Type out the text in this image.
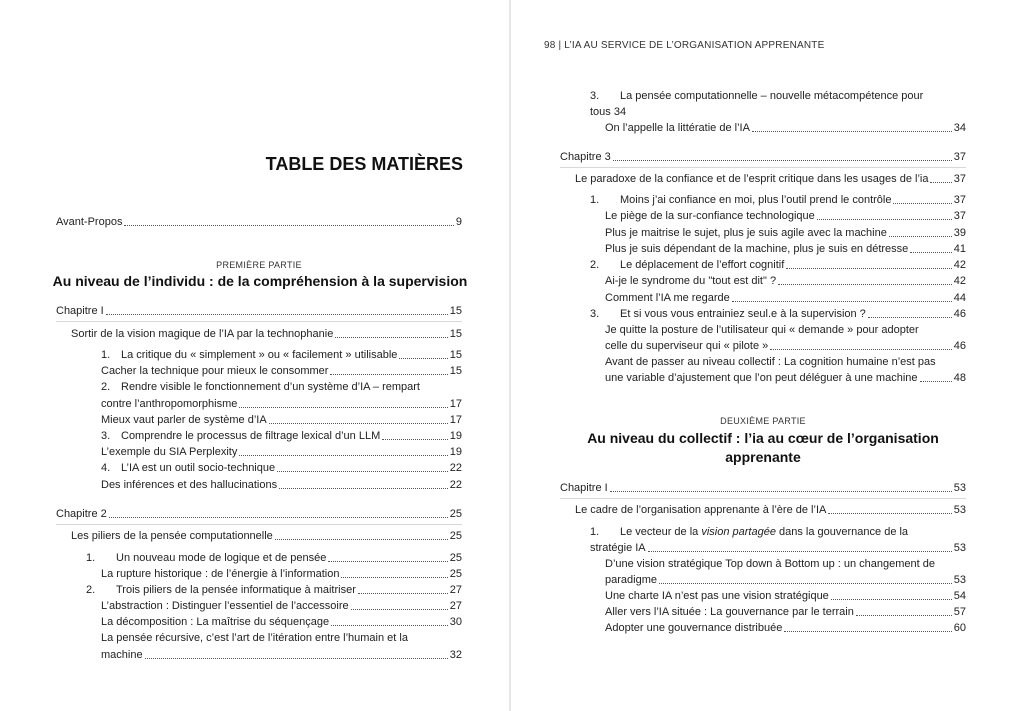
TABLE DES MATIÈRES
Avant-Propos	9
PREMIÈRE PARTIE
Au niveau de l’individu : de la compréhension à la supervision
Chapitre I	15
Sortir de la vision magique de l’IA par la technophanie	15
1. La critique du « simplement » ou « facilement » utilisable	15
Cacher la technique pour mieux le consommer	15
2. Rendre visible le fonctionnement d’un système d’IA – rempart
contre l’anthropomorphisme	17
Mieux vaut parler de système d’IA	17
3. Comprendre le processus de filtrage lexical d’un LLM	19
L’exemple du SIA Perplexity	19
4. L’IA est un outil socio-technique	22
Des inférences et des hallucinations	22
Chapitre 2	25
Les piliers de la pensée computationnelle	25
1. Un nouveau mode de logique et de pensée	25
La rupture historique : de l’énergie à l’information	25
2. Trois piliers de la pensée informatique à maitriser	27
L’abstraction : Distinguer l’essentiel de l’accessoire	27
La décomposition : La maîtrise du séquençage	30
La pensée récursive, c’est l’art de l’itération entre l’humain et la
machine	32
98 | L’IA AU SERVICE DE L’ORGANISATION APPRENANTE
3. La pensée computationnelle – nouvelle métacompétence pour
tous 34
On l’appelle la littératie de l’IA	34
Chapitre 3	37
Le paradoxe de la confiance et de l’esprit critique dans les usages de l’ia 37
1. Moins j’ai confiance en moi, plus l’outil prend le contrôle	37
Le piège de la sur-confiance technologique	37
Plus je maitrise le sujet, plus je suis agile avec la machine	39
Plus je suis dépendant de la machine, plus je suis en détresse	41
2. Le déplacement de l’effort cognitif	42
Ai-je le syndrome du "tout est dit" ?	42
Comment l’IA me regarde	44
3. Et si vous vous entrainiez seul.e à la supervision ?	46
Je quitte la posture de l’utilisateur qui « demande » pour adopter
celle du superviseur qui « pilote »	46
Avant de passer au niveau collectif : La cognition humaine n’est pas
une variable d’ajustement que l’on peut déléguer à une machine	48
DEUXIÈME PARTIE
Au niveau du collectif : l’ia au cœur de l’organisation
apprenante
Chapitre I	53
Le cadre de l’organisation apprenante à l’ère de l’IA	53
1. Le vecteur de la vision partagée dans la gouvernance de la
stratégie IA	53
D’une vision stratégique Top down à Bottom up : un changement de
paradigme	53
Une charte IA n’est pas une vision stratégique	54
Aller vers l’IA située : La gouvernance par le terrain	57
Adopter une gouvernance distribuée	60
